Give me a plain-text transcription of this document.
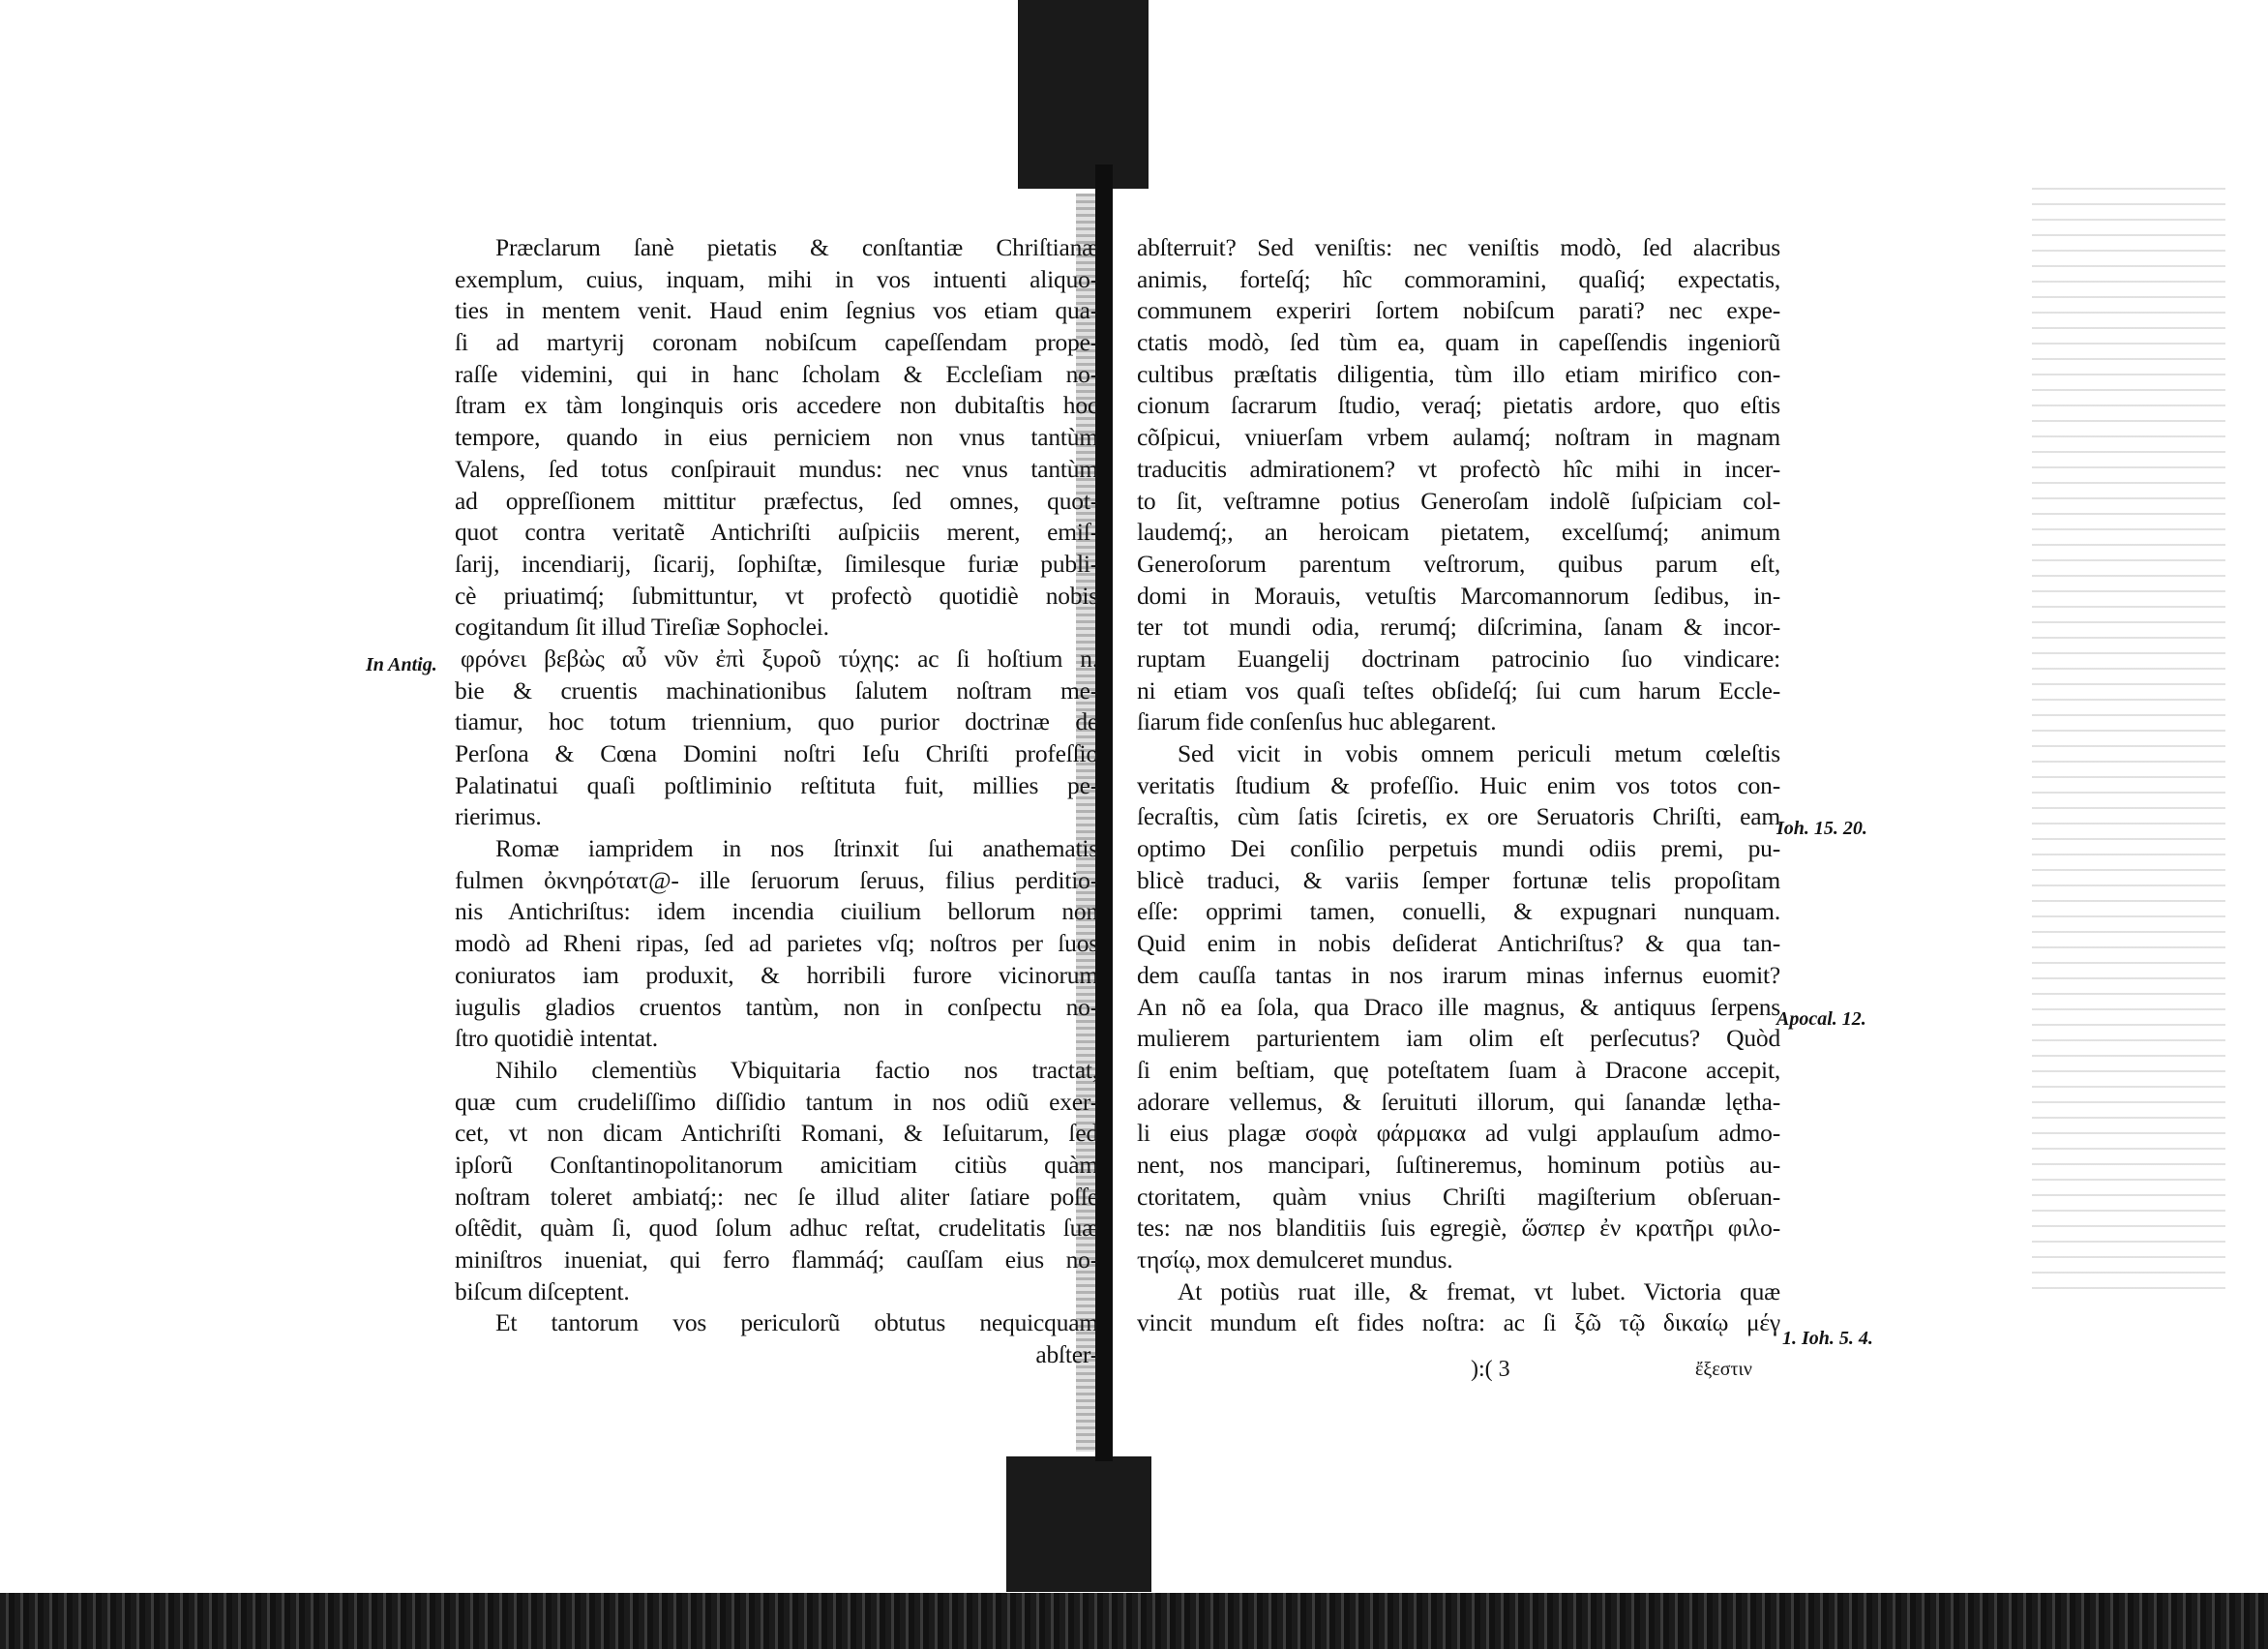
Præclarum ſanè pietatis & conſtantiæ Chriſtianæ
exemplum, cuius, inquam, mihi in vos intuenti aliquo-
ties in mentem venit. Haud enim ſegnius vos etiam qua-
ſi ad martyrij coronam nobiſcum capeſſendam prope-
raſſe videmini, qui in hanc ſcholam & Eccleſiam no-
ſtram ex tàm longinquis oris accedere non dubitaſtis hoc
tempore, quando in eius perniciem non vnus tantùm
Valens, ſed totus conſpirauit mundus: nec vnus tantùm
ad oppreſſionem mittitur præfectus, ſed omnes, quot-
quot contra veritatẽ Antichriſti auſpiciis merent, emiſ-
ſarij, incendiarij, ſicarij, ſophiſtæ, ſimilesque furiæ publi-
cè priuatimq́; ſubmittuntur, vt profectò quotidiè nobis
cogitandum ſit illud Tireſiæ Sophoclei.
φρόνει βεβὼς αὖ νῦν ἐπὶ ξυροῦ τύχης: ac ſi hoſtium n.
bie & cruentis machinationibus ſalutem noſtram me-
tiamur, hoc totum triennium, quo purior doctrinæ de
Perſona & Cœna Domini noſtri Ieſu Chriſti profeſſio
Palatinatui quaſi poſtliminio reſtituta fuit, millies pe-
rierimus.
Romæ iampridem in nos ſtrinxit ſui anathematis
fulmen ὀκνηρότατ@- ille ſeruorum ſeruus, filius perditio-
nis Antichriſtus: idem incendia ciuilium bellorum non
modò ad Rheni ripas, ſed ad parietes vſq; noſtros per ſuos
coniuratos iam produxit, & horribili furore vicinorum
iugulis gladios cruentos tantùm, non in conſpectu no-
ſtro quotidiè intentat.
Nihilo clementiùs Vbiquitaria factio nos tractat,
quæ cum crudeliſſimo diſſidio tantum in nos odiũ exer-
cet, vt non dicam Antichriſti Romani, & Ieſuitarum, ſed
ipſorũ Conſtantinopolitanorum amicitiam citiùs quàm
noſtram toleret ambiatq́;: nec ſe illud aliter ſatiare poſſe
oſtẽdit, quàm ſi, quod ſolum adhuc reſtat, crudelitatis ſuæ
miniſtros inueniat, qui ferro flammáq́; cauſſam eius no-
biſcum diſceptent.
Et tantorum vos periculorũ obtutus nequicquam
abſter-
In Antig.
abſterruit? Sed veniſtis: nec veniſtis modò, ſed alacribus
animis, forteſq́; hîc commoramini, quaſiq́; expectatis,
communem experiri ſortem nobiſcum parati? nec expe-
ctatis modò, ſed tùm ea, quam in capeſſendis ingeniorũ
cultibus præſtatis diligentia, tùm illo etiam mirifico con-
cionum ſacrarum ſtudio, veraq́; pietatis ardore, quo eſtis
cõſpicui, vniuerſam vrbem aulamq́; noſtram in magnam
traducitis admirationem? vt profectò hîc mihi in incer-
to ſit, veſtramne potius Generoſam indolẽ ſuſpiciam col-
laudemq́;, an heroicam pietatem, excelſumq́; animum
Generoſorum parentum veſtrorum, quibus parum eſt,
domi in Morauis, vetuſtis Marcomannorum ſedibus, in-
ter tot mundi odia, rerumq́; diſcrimina, ſanam & incor-
ruptam Euangelij doctrinam patrocinio ſuo vindicare:
ni etiam vos quaſi teſtes obſideſq́; ſui cum harum Eccle-
ſiarum fide conſenſus huc ablegarent.
Sed vicit in vobis omnem periculi metum cœleſtis
veritatis ſtudium & profeſſio. Huic enim vos totos con-
ſecraſtis, cùm ſatis ſciretis, ex ore Seruatoris Chriſti, eam
optimo Dei conſilio perpetuis mundi odiis premi, pu-
blicè traduci, & variis ſemper fortunæ telis propoſitam
eſſe: opprimi tamen, conuelli, & expugnari nunquam.
Quid enim in nobis deſiderat Antichriſtus? & qua tan-
dem cauſſa tantas in nos irarum minas infernus euomit?
An nõ ea ſola, qua Draco ille magnus, & antiquus ſerpens
mulierem parturientem iam olim eſt perſecutus? Quòd
ſi enim beſtiam, quę poteſtatem ſuam à Dracone accepit,
adorare vellemus, & ſeruituti illorum, qui ſanandæ lętha-
li eius plagæ σοφὰ φάρμακα ad vulgi applauſum admo-
nent, nos mancipari, ſuſtineremus, hominum potiùs au-
ctoritatem, quàm vnius Chriſti magiſterium obſeruan-
tes: næ nos blanditiis ſuis egregiè, ὥσπερ ἐν κρατῆρι φιλο-
τησίῳ, mox demulceret mundus.
At potiùs ruat ille, & fremat, vt lubet. Victoria quæ
vincit mundum eſt fides noſtra: ac ſi ξῶ τῷ δικαίῳ μέγ
Ioh. 15. 20.
Apocal. 12.
1. Ioh. 5. 4.
):( 3	ἔξεστιν
